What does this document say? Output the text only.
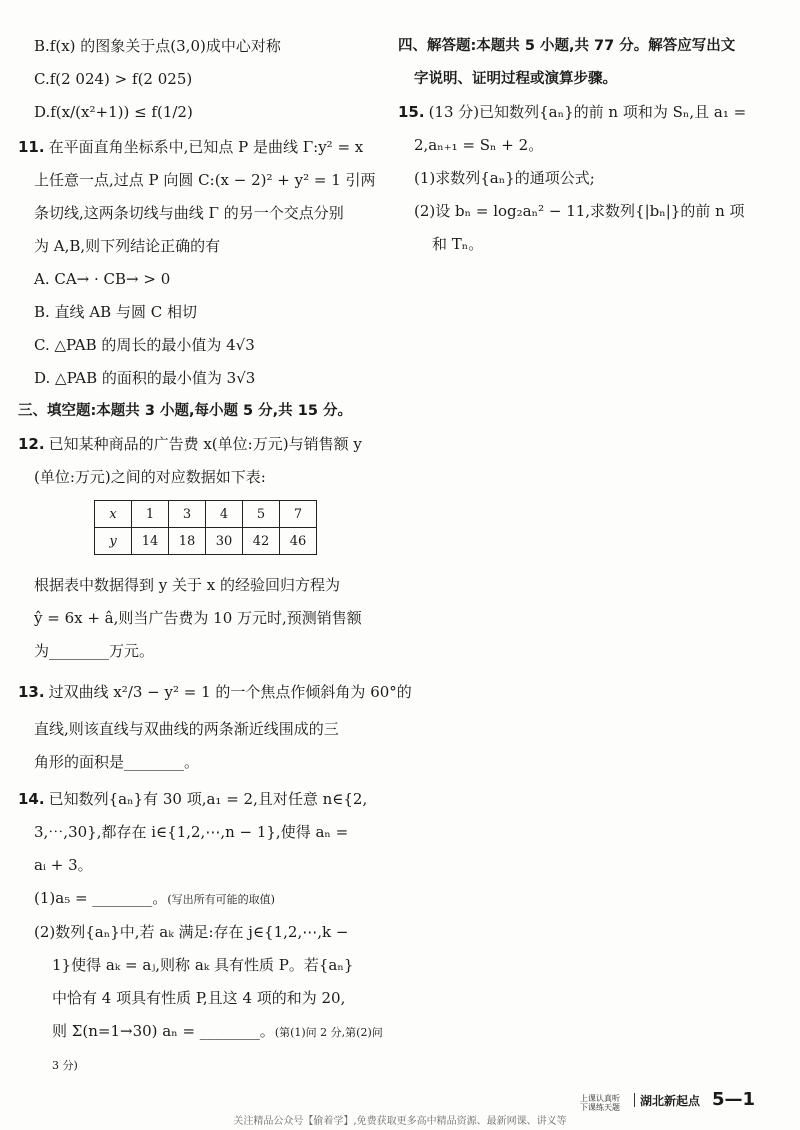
B.f(x) 的图象关于点(3,0)成中心对称
C.f(2 024) > f(2 025)
D.f(x/(x²+1)) ≤ f(1/2)
11. 在平面直角坐标系中,已知点 P 是曲线 Γ:y² = x
上任意一点,过点 P 向圆 C:(x − 2)² + y² = 1 引两
条切线,这两条切线与曲线 Γ 的另一个交点分别
为 A,B,则下列结论正确的有
A. CA→ · CB→ > 0
B. 直线 AB 与圆 C 相切
C. △PAB 的周长的最小值为 4√3
D. △PAB 的面积的最小值为 3√3
三、填空题:本题共 3 小题,每小题 5 分,共 15 分。
12. 已知某种商品的广告费 x(单位:万元)与销售额 y
(单位:万元)之间的对应数据如下表:
x	1	3	4	5	7
y	14	18	30	42	46
根据表中数据得到 y 关于 x 的经验回归方程为
ŷ = 6x + â,则当广告费为 10 万元时,预测销售额
为________万元。
13. 过双曲线 x²/3 − y² = 1 的一个焦点作倾斜角为 60°的
直线,则该直线与双曲线的两条渐近线围成的三
角形的面积是________。
14. 已知数列{aₙ}有 30 项,a₁ = 2,且对任意 n∈{2,
3,⋯,30},都存在 i∈{1,2,⋯,n − 1},使得 aₙ =
aᵢ + 3。
(1)a₅ = ________。(写出所有可能的取值)
(2)数列{aₙ}中,若 aₖ 满足:存在 j∈{1,2,⋯,k −
1}使得 aₖ = aⱼ,则称 aₖ 具有性质 P。若{aₙ}
中恰有 4 项具有性质 P,且这 4 项的和为 20,
则 Σ(n=1→30) aₙ = ________。(第(1)问 2 分,第(2)问
3 分)
四、解答题:本题共 5 小题,共 77 分。解答应写出文
字说明、证明过程或演算步骤。
15. (13 分)已知数列{aₙ}的前 n 项和为 Sₙ,且 a₁ =
2,aₙ₊₁ = Sₙ + 2。
(1)求数列{aₙ}的通项公式;
(2)设 bₙ = log₂aₙ² − 11,求数列{|bₙ|}的前 n 项
和 Tₙ。
上课认真听 下课练天题	湖北新起点 5—1
关注精品公众号【偷着学】,免费获取更多高中精品资源、最新网课、讲义等
